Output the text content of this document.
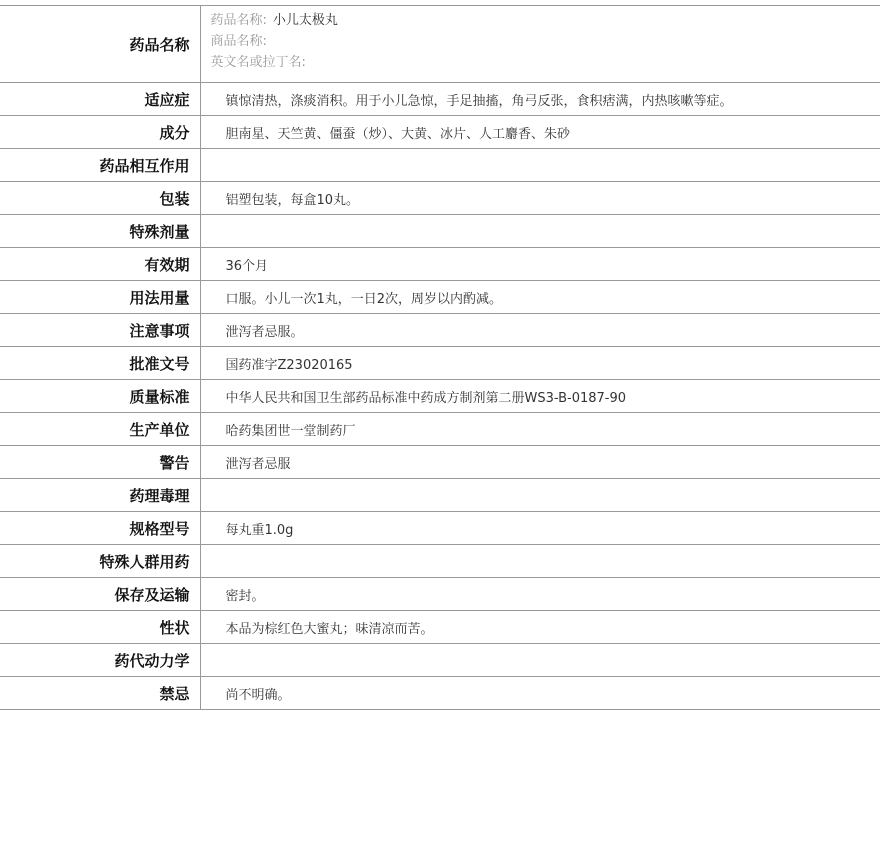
药品名称	药品名称: 小儿太极丸
商品名称:
英文名或拉丁名:

适应症	镇惊清热，涤痰消积。用于小儿急惊，手足抽搐，角弓反张，食积痞满，内热咳嗽等症。
成分	胆南星、天竺黄、僵蚕（炒）、大黄、冰片、人工麝香、朱砂
药品相互作用	
包装	铝塑包装，每盒10丸。
特殊剂量	
有效期	36个月
用法用量	口服。小儿一次1丸，一日2次，周岁以内酌减。
注意事项	泄泻者忌服。
批准文号	国药准字Z23020165
质量标准	中华人民共和国卫生部药品标准中药成方制剂第二册WS3-B-0187-90
生产单位	哈药集团世一堂制药厂
警告	泄泻者忌服
药理毒理	
规格型号	每丸重1.0g
特殊人群用药	
保存及运输	密封。
性状	本品为棕红色大蜜丸；味清凉而苦。
药代动力学	
禁忌	尚不明确。
